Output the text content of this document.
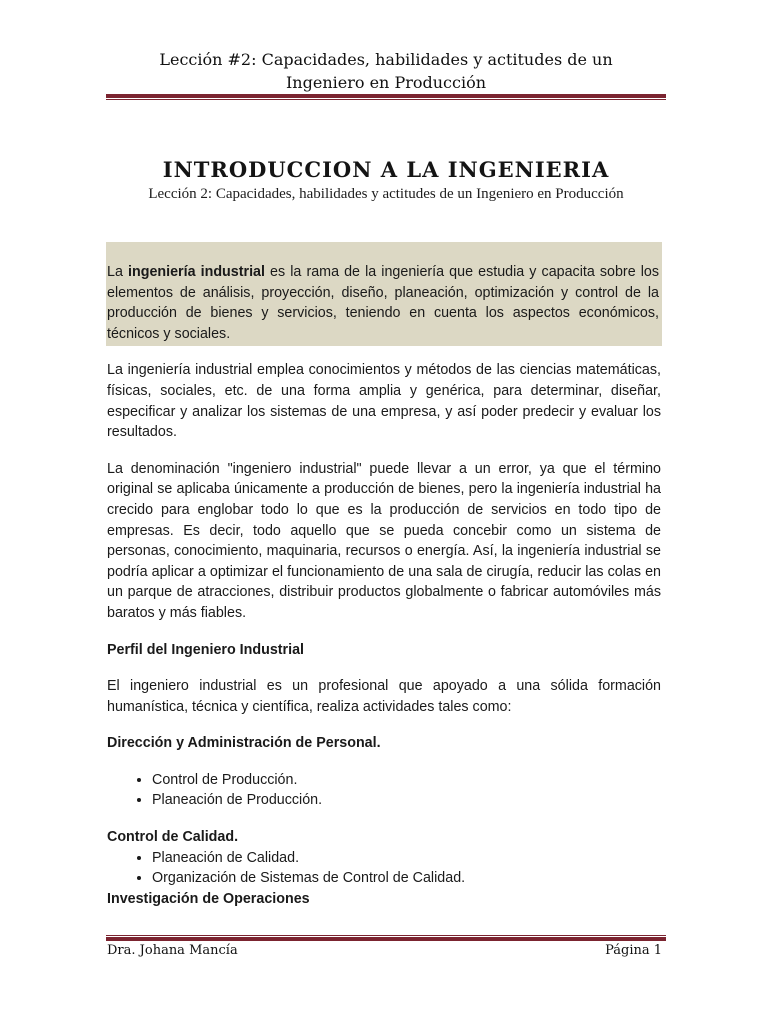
Lección #2: Capacidades, habilidades y actitudes de un
Ingeniero en Producción
INTRODUCCION A LA INGENIERIA
Lección 2: Capacidades, habilidades y actitudes de un Ingeniero en Producción

La ingeniería industrial es la rama de la ingeniería que estudia y capacita sobre los elementos de análisis, proyección, diseño, planeación, optimización y control de la producción de bienes y servicios, teniendo en cuenta los aspectos económicos, técnicos y sociales.

La ingeniería industrial emplea conocimientos y métodos de las ciencias matemáticas, físicas, sociales, etc. de una forma amplia y genérica, para determinar, diseñar, especificar y analizar los sistemas de una empresa, y así poder predecir y evaluar los resultados.

La denominación "ingeniero industrial" puede llevar a un error, ya que el término original se aplicaba únicamente a producción de bienes, pero la ingeniería industrial ha crecido para englobar todo lo que es la producción de servicios en todo tipo de empresas. Es decir, todo aquello que se pueda concebir como un sistema de personas, conocimiento, maquinaria, recursos o energía. Así, la ingeniería industrial se podría aplicar a optimizar el funcionamiento de una sala de cirugía, reducir las colas en un parque de atracciones, distribuir productos globalmente o fabricar automóviles más baratos y más fiables.

Perfil del Ingeniero Industrial

El ingeniero industrial es un profesional que apoyado a una sólida formación humanística, técnica y científica, realiza actividades tales como:

Dirección y Administración de Personal.

• Control de Producción.
• Planeación de Producción.

Control de Calidad.

• Planeación de Calidad.
• Organización de Sistemas de Control de Calidad.

Investigación de Operaciones

Dra. Johana Mancía	Página 1
